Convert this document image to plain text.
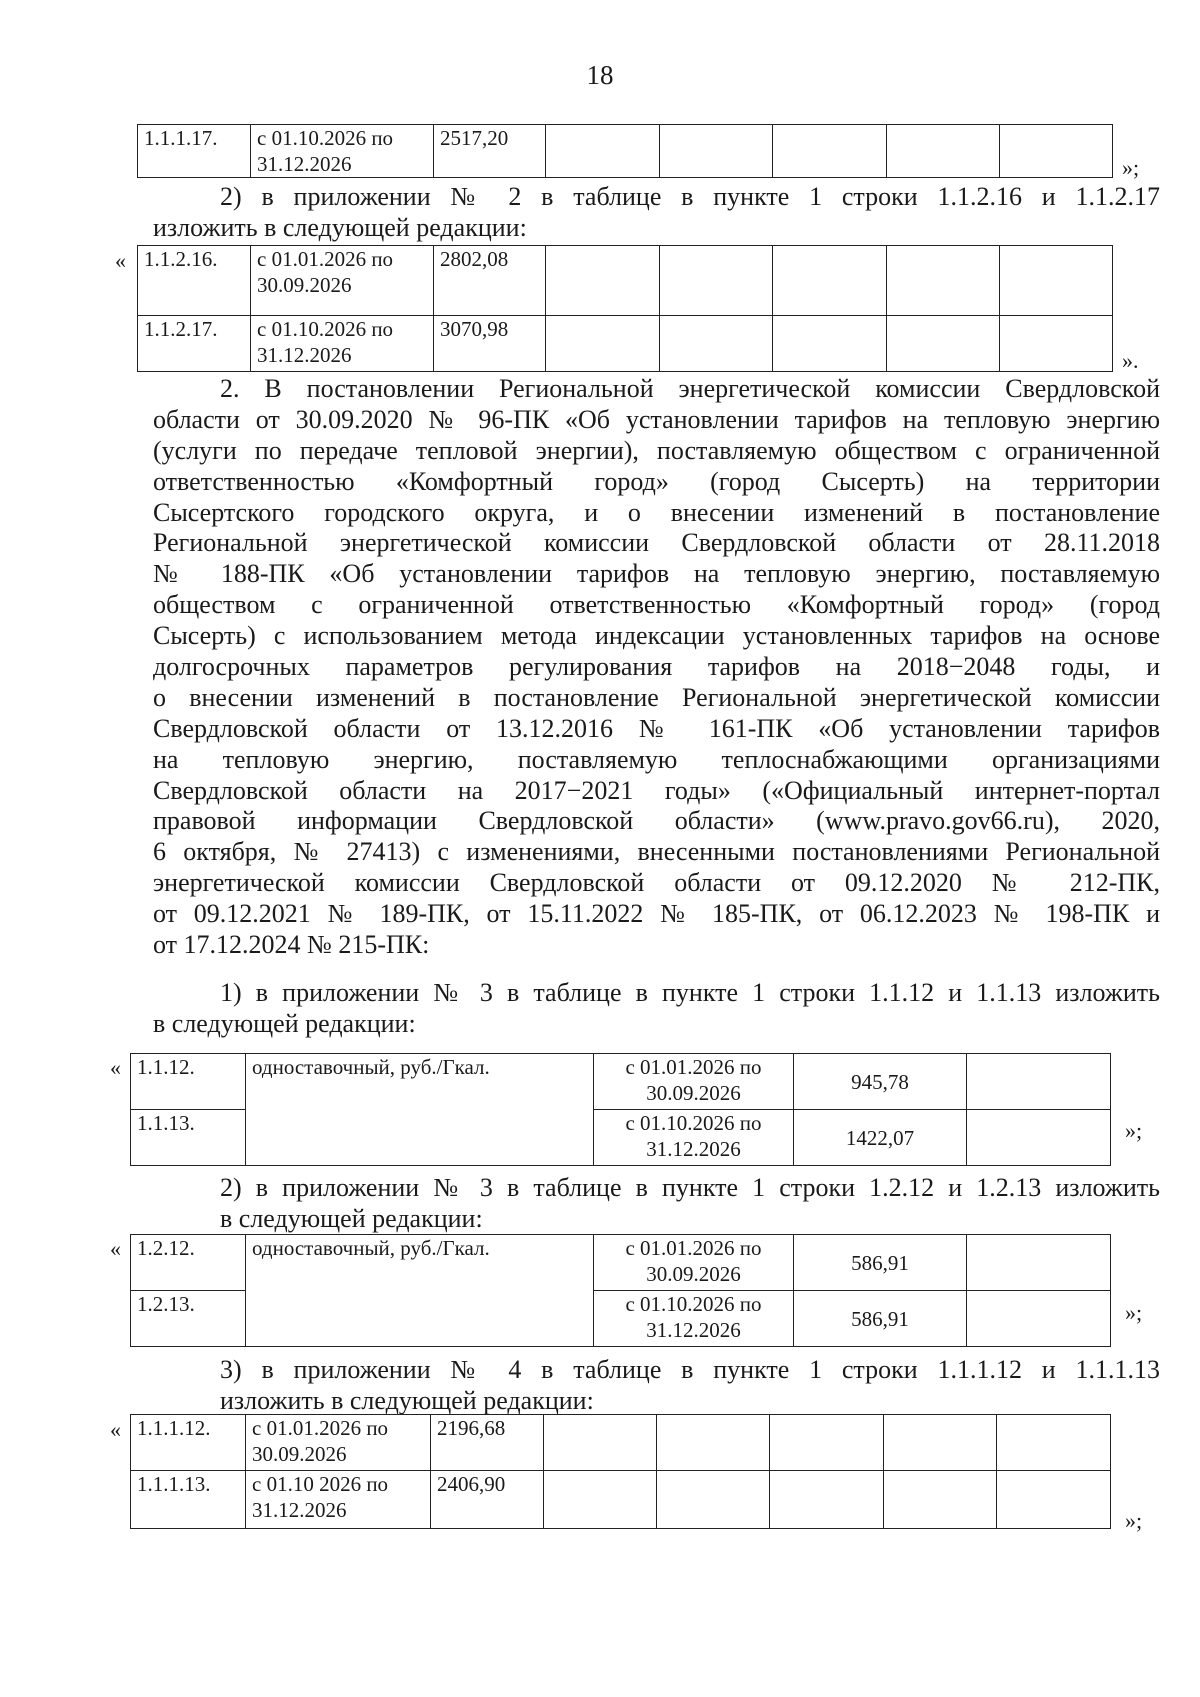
18
1.1.1.17.	с 01.10.2026 по
31.12.2026	2517,20					
»;
2) в приложении № 2 в таблице в пункте 1 строки 1.1.2.16 и 1.1.2.17
изложить в следующей редакции:
« 1.1.2.16.	с 01.01.2026 по
30.09.2026	2802,08					
1.1.2.17.	с 01.10.2026 по
31.12.2026	3070,98					
».
2. В постановлении Региональной энергетической комиссии Свердловской
области от 30.09.2020 № 96-ПК «Об установлении тарифов на тепловую энергию
(услуги по передаче тепловой энергии), поставляемую обществом с ограниченной
ответственностью «Комфортный город» (город Сысерть) на территории
Сысертского городского округа, и о внесении изменений в постановление
Региональной энергетической комиссии Свердловской области от 28.11.2018
№ 188-ПК «Об установлении тарифов на тепловую энергию, поставляемую
обществом с ограниченной ответственностью «Комфортный город» (город
Сысерть) с использованием метода индексации установленных тарифов на основе
долгосрочных параметров регулирования тарифов на 2018−2048 годы, и
о внесении изменений в постановление Региональной энергетической комиссии
Свердловской области от 13.12.2016 № 161-ПК «Об установлении тарифов
на тепловую энергию, поставляемую теплоснабжающими организациями
Свердловской области на 2017−2021 годы» («Официальный интернет-портал
правовой информации Свердловской области» (www.pravo.gov66.ru), 2020,
6 октября, № 27413) с изменениями, внесенными постановлениями Региональной
энергетической комиссии Свердловской области от 09.12.2020 № 212-ПК,
от 09.12.2021 № 189-ПК, от 15.11.2022 № 185-ПК, от 06.12.2023 № 198-ПК и
от 17.12.2024 № 215-ПК:
1) в приложении № 3 в таблице в пункте 1 строки 1.1.12 и 1.1.13 изложить
в следующей редакции:
« 1.1.12.	одноставочный, руб./Гкал.	с 01.01.2026 по
30.09.2026	945,78	
1.1.13.		с 01.10.2026 по
31.12.2026	1422,07		»;
2) в приложении № 3 в таблице в пункте 1 строки 1.2.12 и 1.2.13 изложить
в следующей редакции:
« 1.2.12.	одноставочный, руб./Гкал.	с 01.01.2026 по
30.09.2026	586,91	
1.2.13.		с 01.10.2026 по
31.12.2026	586,91		»;
3) в приложении № 4 в таблице в пункте 1 строки 1.1.1.12 и 1.1.1.13
изложить в следующей редакции:
« 1.1.1.12.	с 01.01.2026 по
30.09.2026	2196,68					
1.1.1.13.	с 01.10 2026 по
31.12.2026	2406,90					
»;
